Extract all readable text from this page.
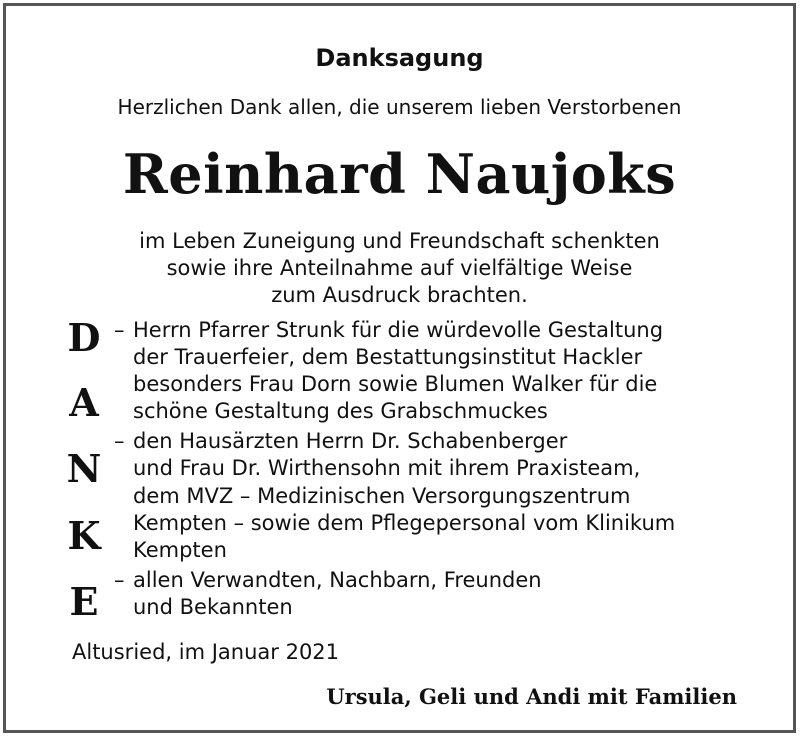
Danksagung
Herzlichen Dank allen, die unserem lieben Verstorbenen
Reinhard Naujoks
im Leben Zuneigung und Freundschaft schenkten
sowie ihre Anteilnahme auf vielfältige Weise
zum Ausdruck brachten.
D
A
N
K
E
– Herrn Pfarrer Strunk für die würdevolle Gestaltung
der Trauerfeier, dem Bestattungsinstitut Hackler
besonders Frau Dorn sowie Blumen Walker für die
schöne Gestaltung des Grabschmuckes
– den Hausärzten Herrn Dr. Schabenberger
und Frau Dr. Wirthensohn mit ihrem Praxisteam,
dem MVZ – Medizinischen Versorgungszentrum
Kempten – sowie dem Pflegepersonal vom Klinikum
Kempten
– allen Verwandten, Nachbarn, Freunden
und Bekannten
Altusried, im Januar 2021
Ursula, Geli und Andi mit Familien
